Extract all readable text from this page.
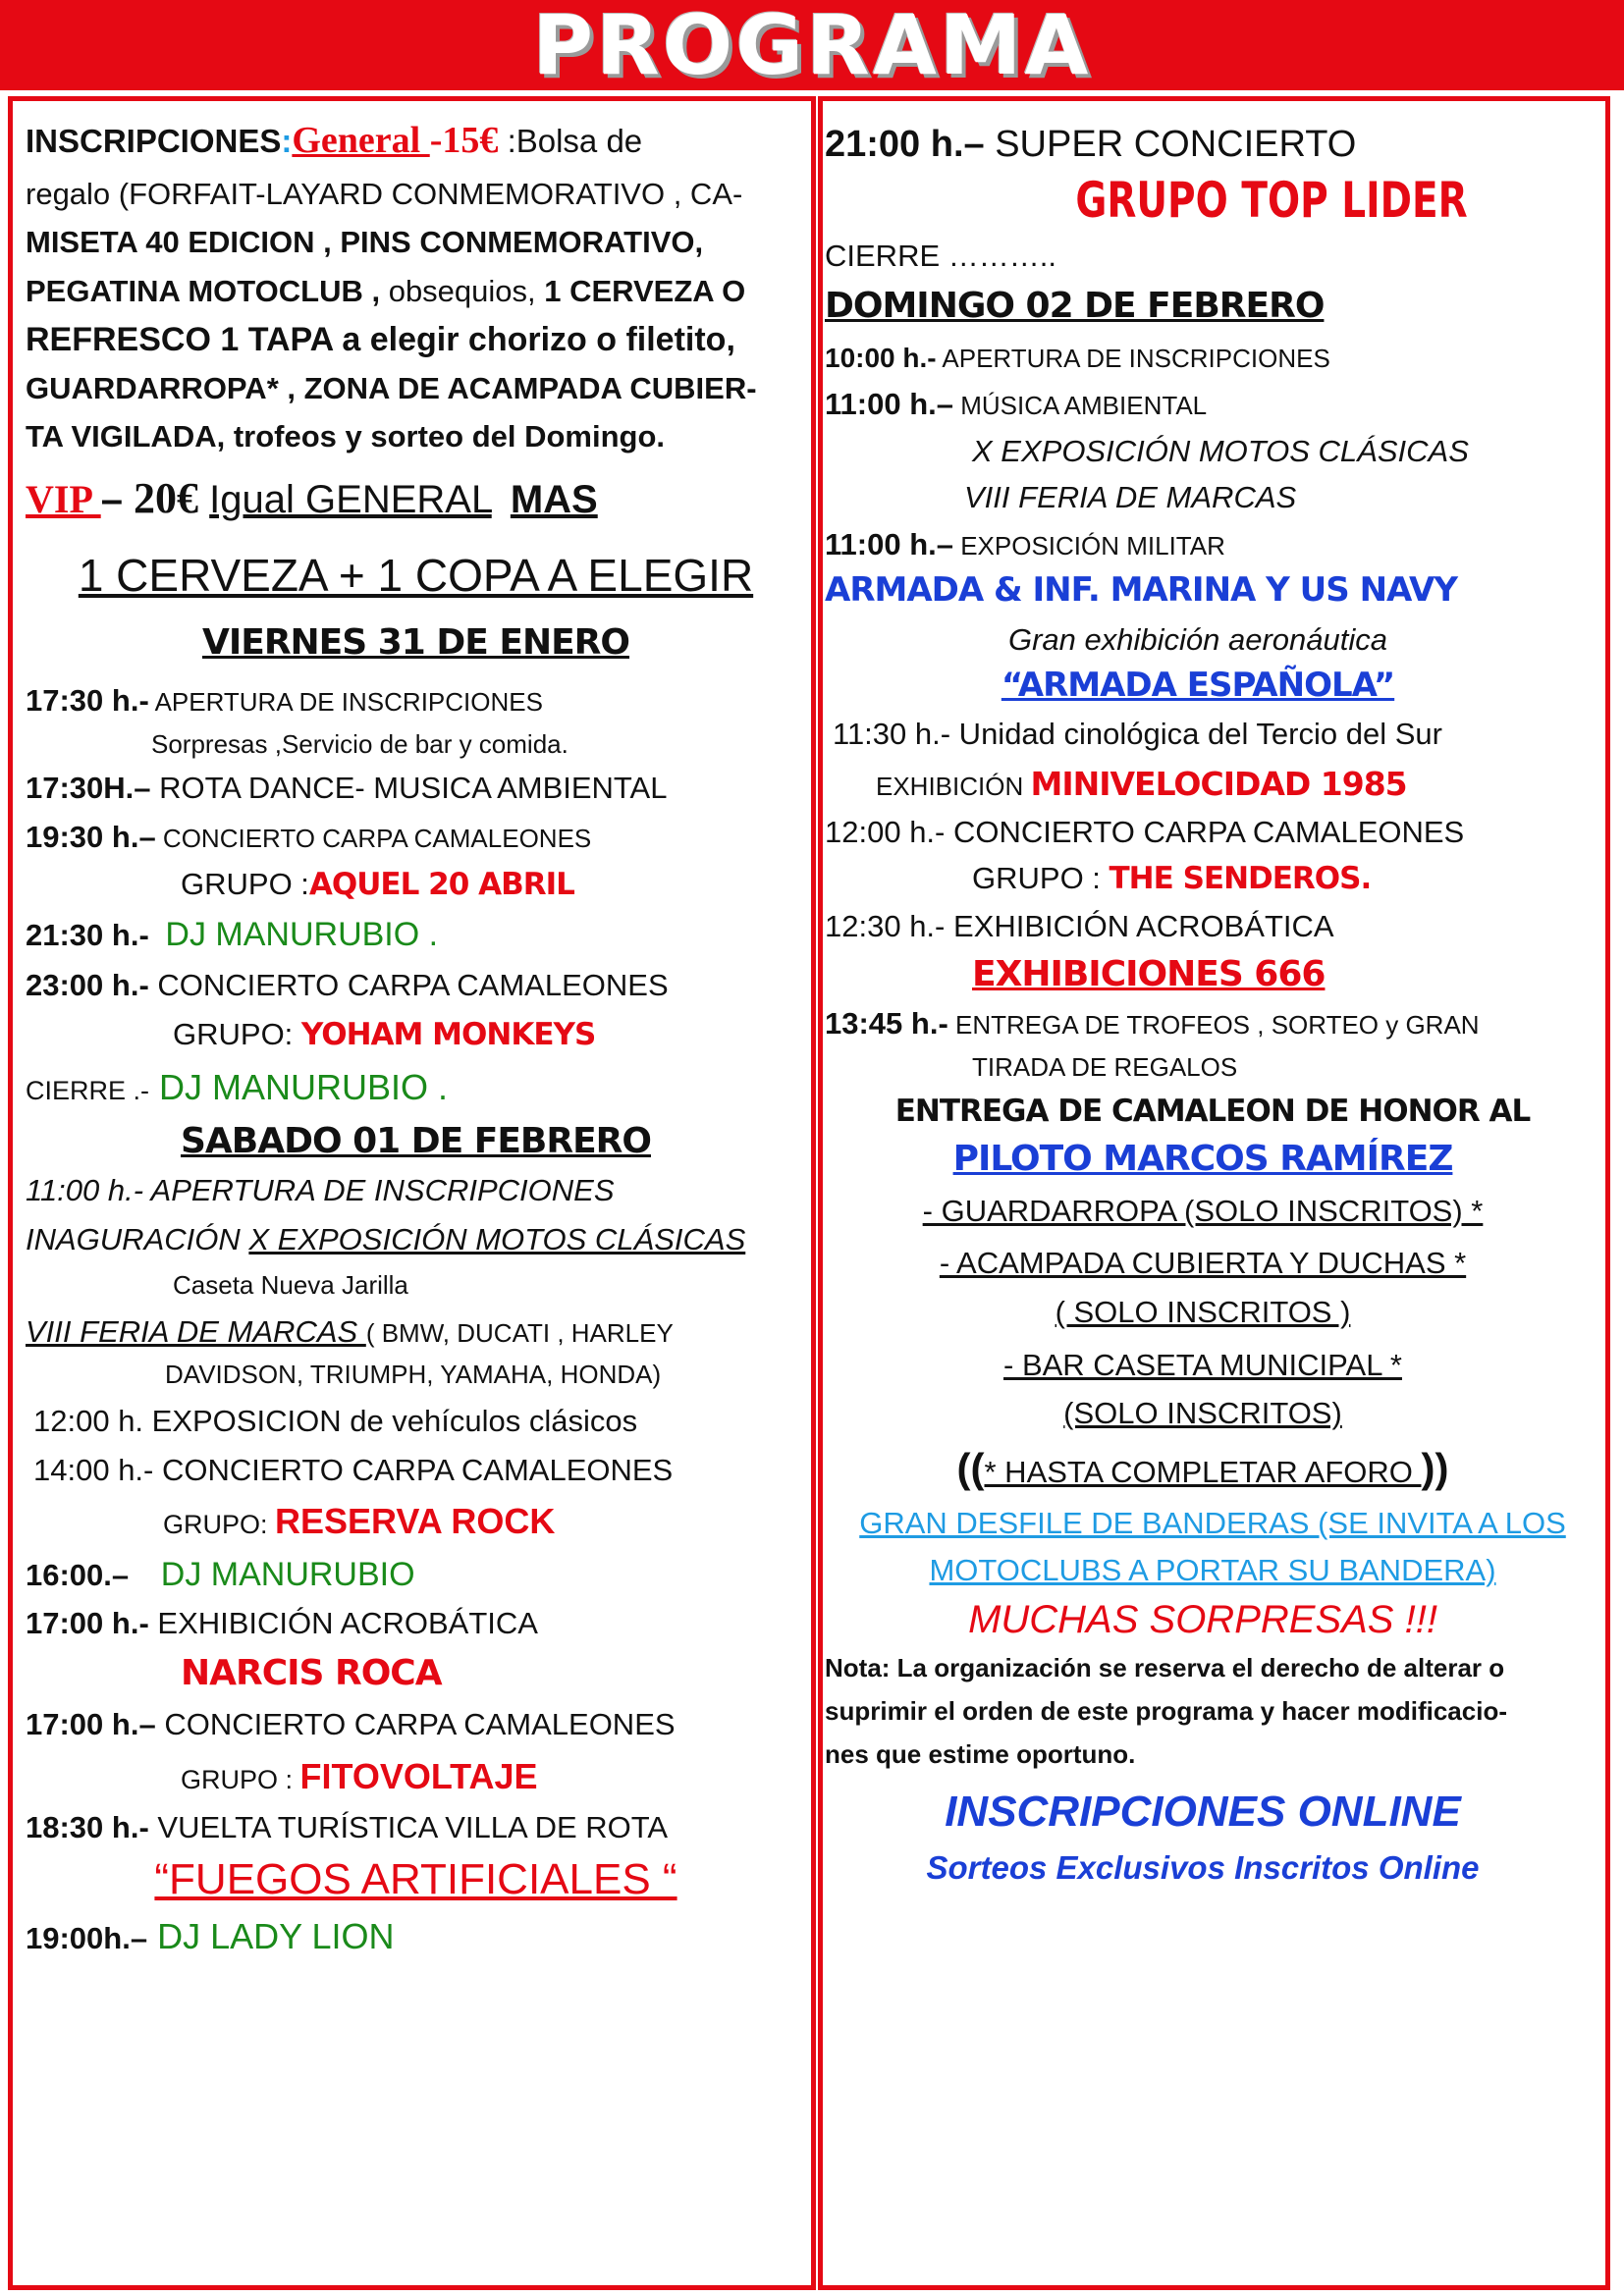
PROGRAMA
INSCRIPCIONES:General -15€ :Bolsa de
regalo (FORFAIT-LAYARD CONMEMORATIVO , CA-
MISETA 40 EDICION , PINS CONMEMORATIVO,
PEGATINA MOTOCLUB , obsequios, 1 CERVEZA O
REFRESCO 1 TAPA a elegir chorizo o filetito,
GUARDARROPA* , ZONA DE ACAMPADA CUBIER-
TA VIGILADA, trofeos y sorteo del Domingo.
VIP – 20€ Igual GENERAL MAS
1 CERVEZA + 1 COPA A ELEGIR
VIERNES 31 DE ENERO
17:30 h.- APERTURA DE INSCRIPCIONES
Sorpresas ,Servicio de bar y comida.
17:30H.– ROTA DANCE- MUSICA AMBIENTAL
19:30 h.– CONCIERTO CARPA CAMALEONES
GRUPO :AQUEL 20 ABRIL
21:30 h.- DJ MANURUBIO .
23:00 h.- CONCIERTO CARPA CAMALEONES
GRUPO: YOHAM MONKEYS
CIERRE .- DJ MANURUBIO .
SABADO 01 DE FEBRERO
11:00 h.- APERTURA DE INSCRIPCIONES
INAGURACIÓN X EXPOSICIÓN MOTOS CLÁSICAS
Caseta Nueva Jarilla
VIII FERIA DE MARCAS ( BMW, DUCATI , HARLEY
DAVIDSON, TRIUMPH, YAMAHA, HONDA)
12:00 h. EXPOSICION de vehículos clásicos
14:00 h.- CONCIERTO CARPA CAMALEONES
GRUPO: RESERVA ROCK
16:00.– DJ MANURUBIO
17:00 h.- EXHIBICIÓN ACROBÁTICA
NARCIS ROCA
17:00 h.– CONCIERTO CARPA CAMALEONES
GRUPO : FITOVOLTAJE
18:30 h.- VUELTA TURÍSTICA VILLA DE ROTA
“FUEGOS ARTIFICIALES “
19:00h.– DJ LADY LION
21:00 h.– SUPER CONCIERTO
GRUPO TOP LIDER
CIERRE ………..
DOMINGO 02 DE FEBRERO
10:00 h.- APERTURA DE INSCRIPCIONES
11:00 h.– MÚSICA AMBIENTAL
X EXPOSICIÓN MOTOS CLÁSICAS
VIII FERIA DE MARCAS
11:00 h.– EXPOSICIÓN MILITAR
ARMADA & INF. MARINA Y US NAVY
Gran exhibición aeronáutica
“ARMADA ESPAÑOLA”
11:30 h.- Unidad cinológica del Tercio del Sur
EXHIBICIÓN MINIVELOCIDAD 1985
12:00 h.- CONCIERTO CARPA CAMALEONES
GRUPO : THE SENDEROS.
12:30 h.- EXHIBICIÓN ACROBÁTICA
EXHIBICIONES 666
13:45 h.- ENTREGA DE TROFEOS , SORTEO y GRAN
TIRADA DE REGALOS
ENTREGA DE CAMALEON DE HONOR AL
PILOTO MARCOS RAMÍREZ
- GUARDARROPA (SOLO INSCRITOS) *
- ACAMPADA CUBIERTA Y DUCHAS *
( SOLO INSCRITOS )
- BAR CASETA MUNICIPAL *
(SOLO INSCRITOS)
((* HASTA COMPLETAR AFORO ))
GRAN DESFILE DE BANDERAS (SE INVITA A LOS
MOTOCLUBS A PORTAR SU BANDERA)
MUCHAS SORPRESAS !!!
Nota: La organización se reserva el derecho de alterar o
suprimir el orden de este programa y hacer modificacio-
nes que estime oportuno.
INSCRIPCIONES ONLINE
Sorteos Exclusivos Inscritos Online
